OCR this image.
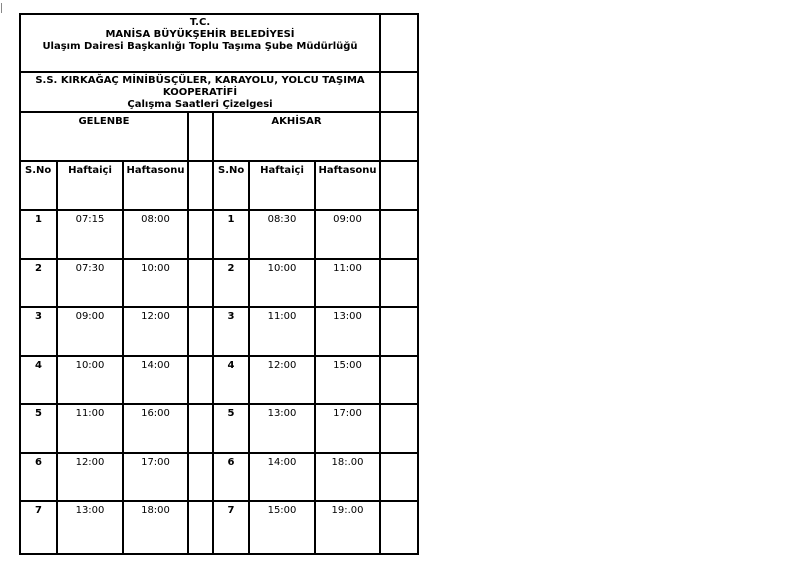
T.C.
MANİSA BÜYÜKŞEHİR BELEDİYESİ
Ulaşım Dairesi Başkanlığı Toplu Taşıma Şube Müdürlüğü							

S.S. KIRKAĞAÇ MİNİBÜSÇÜLER, KARAYOLU, YOLCU TAŞIMA
KOOPERATİFİ
Çalışma Saatleri Çizelgesi							

GELENBE				AKHİSAR			
S.No	Haftaiçi	Haftasonu		S.No	Haftaiçi	Haftasonu	
1	07:15	08:00		1	08:30	09:00	
2	07:30	10:00		2	10:00	11:00	
3	09:00	12:00		3	11:00	13:00	
4	10:00	14:00		4	12:00	15:00	
5	11:00	16:00		5	13:00	17:00	
6	12:00	17:00		6	14:00	18:.00	
7	13:00	18:00		7	15:00	19:.00	
